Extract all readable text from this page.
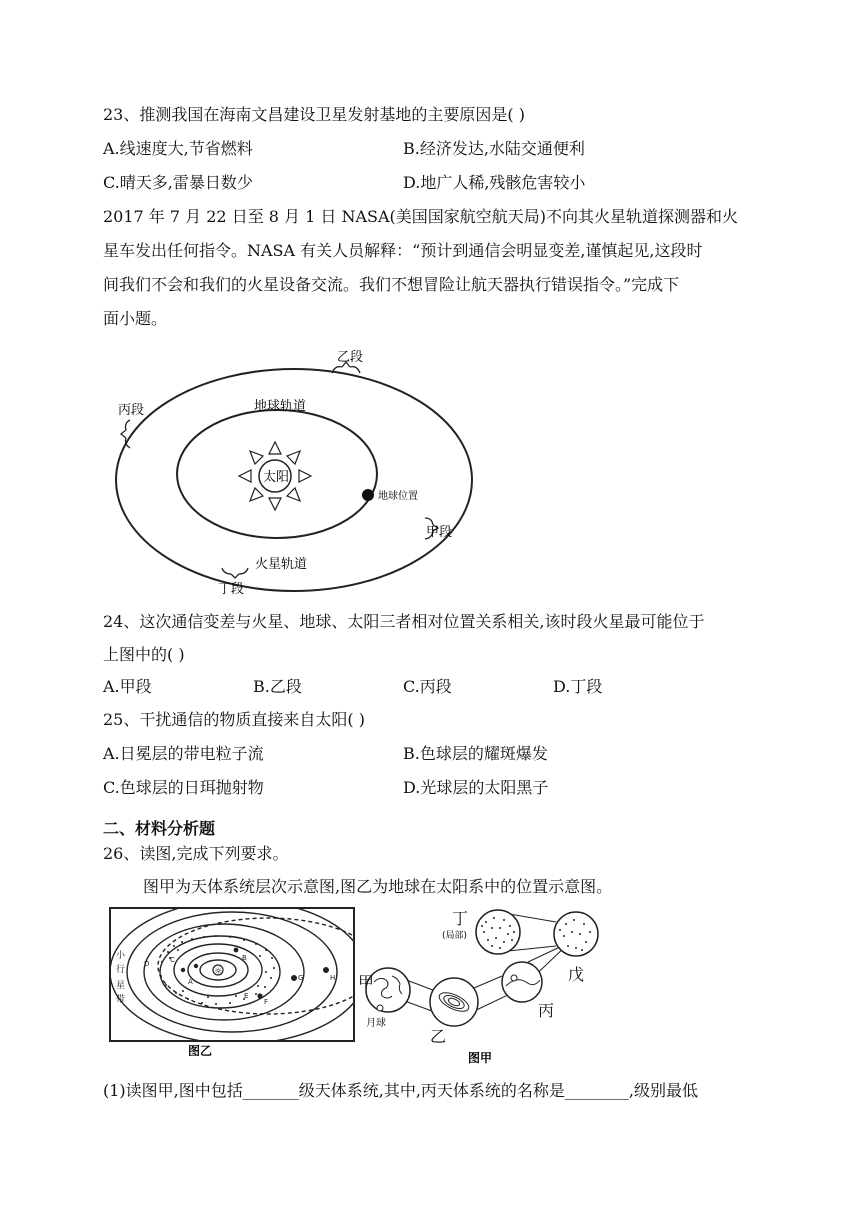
23、推测我国在海南文昌建设卫星发射基地的主要原因是( )
A.线速度大,节省燃料	B.经济发达,水陆交通便利
C.晴天多,雷暴日数少	D.地广人稀,残骸危害较小
2017 年 7 月 22 日至 8 月 1 日 NASA(美国国家航空航天局)不向其火星轨道探测器和火
星车发出任何指令。NASA 有关人员解释：“预计到通信会明显变差,谨慎起见,这段时
间我们不会和我们的火星设备交流。我们不想冒险让航天器执行错误指令。”完成下
面小题。
乙段
丙段
甲段
丁段
地球轨道
火星轨道
太阳
地球位置
24、这次通信变差与火星、地球、太阳三者相对位置关系相关,该时段火星最可能位于
上图中的( )
A.甲段	B.乙段	C.丙段	D.丁段
25、干扰通信的物质直接来自太阳( )
A.日冕层的带电粒子流	B.色球层的耀斑爆发
C.色球层的日珥抛射物	D.光球层的太阳黑子
二、材料分析题
26、读图,完成下列要求。
图甲为天体系统层次示意图,图乙为地球在太阳系中的位置示意图。
☼
A
B
C
D
E
F
G	H
小
行
星
带
图乙
甲
乙
丙
丁
戊
(局部)
月球
图甲
(1)读图甲,图中包括_______级天体系统,其中,丙天体系统的名称是________,级别最低
